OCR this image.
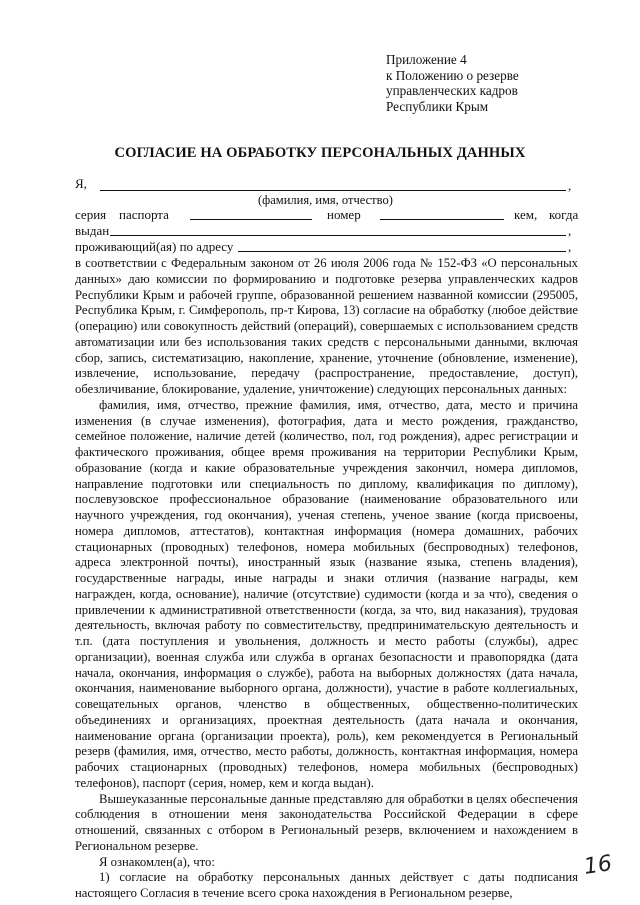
Приложение 4
к Положению о резерве
управленческих кадров
Республики Крым
СОГЛАСИЕ НА ОБРАБОТКУ ПЕРСОНАЛЬНЫХ ДАННЫХ
Я,	,
(фамилия, имя, отчество)
серия паспорта	номер	кем, когда
выдан	,
проживающий(ая) по адресу	,

в соответствии с Федеральным законом от 26 июля 2006 года № 152-ФЗ «О персональных данных» даю комиссии по формированию и подготовке резерва управленческих кадров Республики Крым и рабочей группе, образованной решением названной комиссии (295005, Республика Крым, г. Симферополь, пр-т Кирова, 13) согласие на обработку (любое действие (операцию) или совокупность действий (операций), совершаемых с использованием средств автоматизации или без использования таких средств с персональными данными, включая сбор, запись, систематизацию, накопление, хранение, уточнение (обновление, изменение), извлечение, использование, передачу (распространение, предоставление, доступ), обезличивание, блокирование, удаление, уничтожение) следующих персональных данных:

фамилия, имя, отчество, прежние фамилия, имя, отчество, дата, место и причина изменения (в случае изменения), фотография, дата и место рождения, гражданство, семейное положение, наличие детей (количество, пол, год рождения), адрес регистрации и фактического проживания, общее время проживания на территории Республики Крым, образование (когда и какие образовательные учреждения закончил, номера дипломов, направление подготовки или специальность по диплому, квалификация по диплому), послевузовское профессиональное образование (наименование образовательного или научного учреждения, год окончания), ученая степень, ученое звание (когда присвоены, номера дипломов, аттестатов), контактная информация (номера домашних, рабочих стационарных (проводных) телефонов, номера мобильных (беспроводных) телефонов, адреса электронной почты), иностранный язык (название языка, степень владения), государственные награды, иные награды и знаки отличия (название награды, кем награжден, когда, основание), наличие (отсутствие) судимости (когда и за что), сведения о привлечении к административной ответственности (когда, за что, вид наказания), трудовая деятельность, включая работу по совместительству, предпринимательскую деятельность и т.п. (дата поступления и увольнения, должность и место работы (службы), адрес организации), военная служба или служба в органах безопасности и правопорядка (дата начала, окончания, информация о службе), работа на выборных должностях (дата начала, окончания, наименование выборного органа, должности), участие в работе коллегиальных, совещательных органов, членство в общественных, общественно-политических объединениях и организациях, проектная деятельность (дата начала и окончания, наименование органа (организации проекта), роль), кем рекомендуется в Региональный резерв (фамилия, имя, отчество, место работы, должность, контактная информация, номера рабочих стационарных (проводных) телефонов, номера мобильных (беспроводных) телефонов), паспорт (серия, номер, кем и когда выдан).

Вышеуказанные персональные данные представляю для обработки в целях обеспечения соблюдения в отношении меня законодательства Российской Федерации в сфере отношений, связанных с отбором в Региональный резерв, включением и нахождением в Региональном резерве.

Я ознакомлен(а), что:

1) согласие на обработку персональных данных действует с даты подписания настоящего Согласия в течение всего срока нахождения в Региональном резерве,

16
